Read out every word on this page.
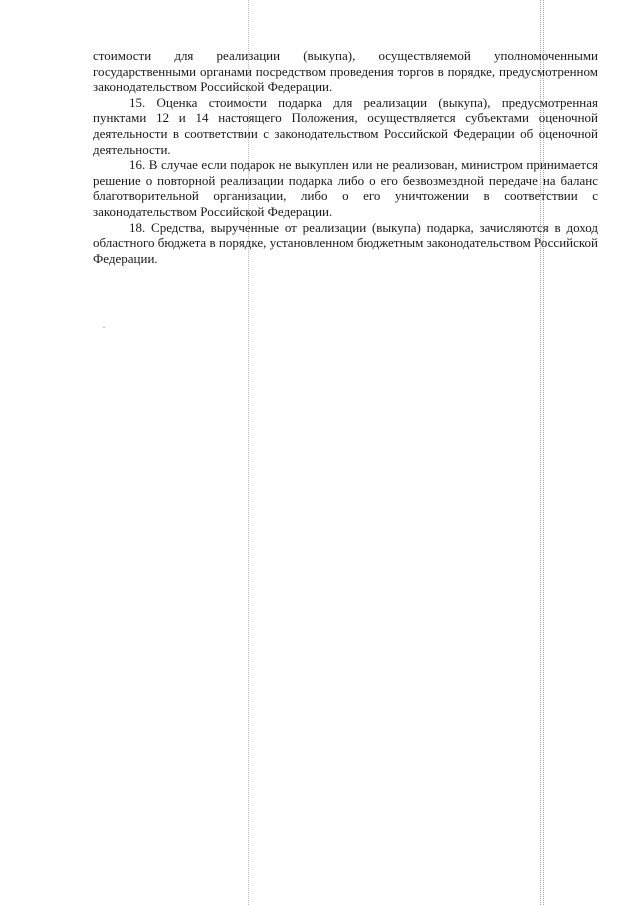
стоимости для реализации (выкупа), осуществляемой уполномоченными государственными органами посредством проведения торгов в порядке, предусмотренном законодательством Российской Федерации.

15. Оценка стоимости подарка для реализации (выкупа), предусмотренная пунктами 12 и 14 настоящего Положения, осуществляется субъектами оценочной деятельности в соответствии с законодательством Российской Федерации об оценочной деятельности.

16. В случае если подарок не выкуплен или не реализован, министром принимается решение о повторной реализации подарка либо о его безвозмездной передаче на баланс благотворительной организации, либо о его уничтожении в соответствии с законодательством Российской Федерации.

18. Средства, вырученные от реализации (выкупа) подарка, зачисляются в доход областного бюджета в порядке, установленном бюджетным законодательством Российской Федерации.
